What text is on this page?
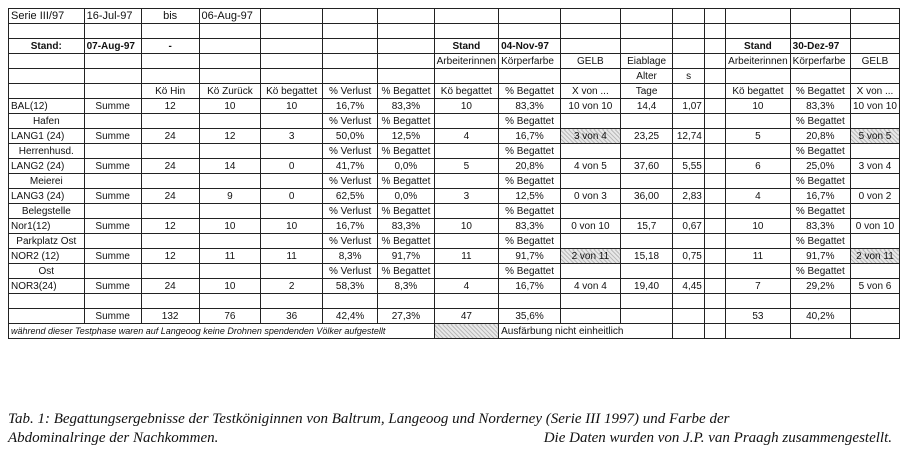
Serie III/97	16-Jul-97	bis	06-Aug-97												

Stand:	07-Aug-97	-					Stand	04-Nov-97					Stand	30-Dez-97	
							Arbeiterinnen	Körperfarbe	GELB	Eiablage			Arbeiterinnen	Körperfarbe	GELB
										Alter	s				
		Kö Hin	Kö Zurück	Kö begattet	% Verlust	% Begattet	Kö begattet	% Begattet	X von ...	Tage			Kö begattet	% Begattet	X von ...
BAL(12)	Summe	12	10	10	16,7%	83,3%	10	83,3%	10 von 10	14,4	1,07		10	83,3%	10 von 10
Hafen					% Verlust	% Begattet		% Begattet						% Begattet	
LANG1 (24)	Summe	24	12	3	50,0%	12,5%	4	16,7%	3 von 4	23,25	12,74		5	20,8%	5 von 5
Herrenhusd.					% Verlust	% Begattet		% Begattet						% Begattet	
LANG2 (24)	Summe	24	14	0	41,7%	0,0%	5	20,8%	4 von 5	37,60	5,55		6	25,0%	3 von 4
Meierei					% Verlust	% Begattet		% Begattet						% Begattet	
LANG3 (24)	Summe	24	9	0	62,5%	0,0%	3	12,5%	0 von 3	36,00	2,83		4	16,7%	0 von 2
Belegstelle					% Verlust	% Begattet		% Begattet						% Begattet	
Nor1(12)	Summe	12	10	10	16,7%	83,3%	10	83,3%	0 von 10	15,7	0,67		10	83,3%	0 von 10
Parkplatz Ost					% Verlust	% Begattet		% Begattet						% Begattet	
NOR2 (12)	Summe	12	11	11	8,3%	91,7%	11	91,7%	2 von 11	15,18	0,75		11	91,7%	2 von 11
Ost					% Verlust	% Begattet		% Begattet						% Begattet	
NOR3(24)	Summe	24	10	2	58,3%	8,3%	4	16,7%	4 von 4	19,40	4,45		7	29,2%	5 von 6

	Summe	132	76	36	42,4%	27,3%	47	35,6%					53	40,2%	
während dieser Testphase waren auf Langeoog keine Drohnen spendenden Völker aufgestellt								Ausfärbung nicht einheitlich							
Tab. 1: Begattungsergebnisse der Testköniginnen von Baltrum, Langeoog und Norderney (Serie III 1997) und Farbe der
Abdominalringe der Nachkommen.	Die Daten wurden von J.P. van Praagh zusammengestellt.
